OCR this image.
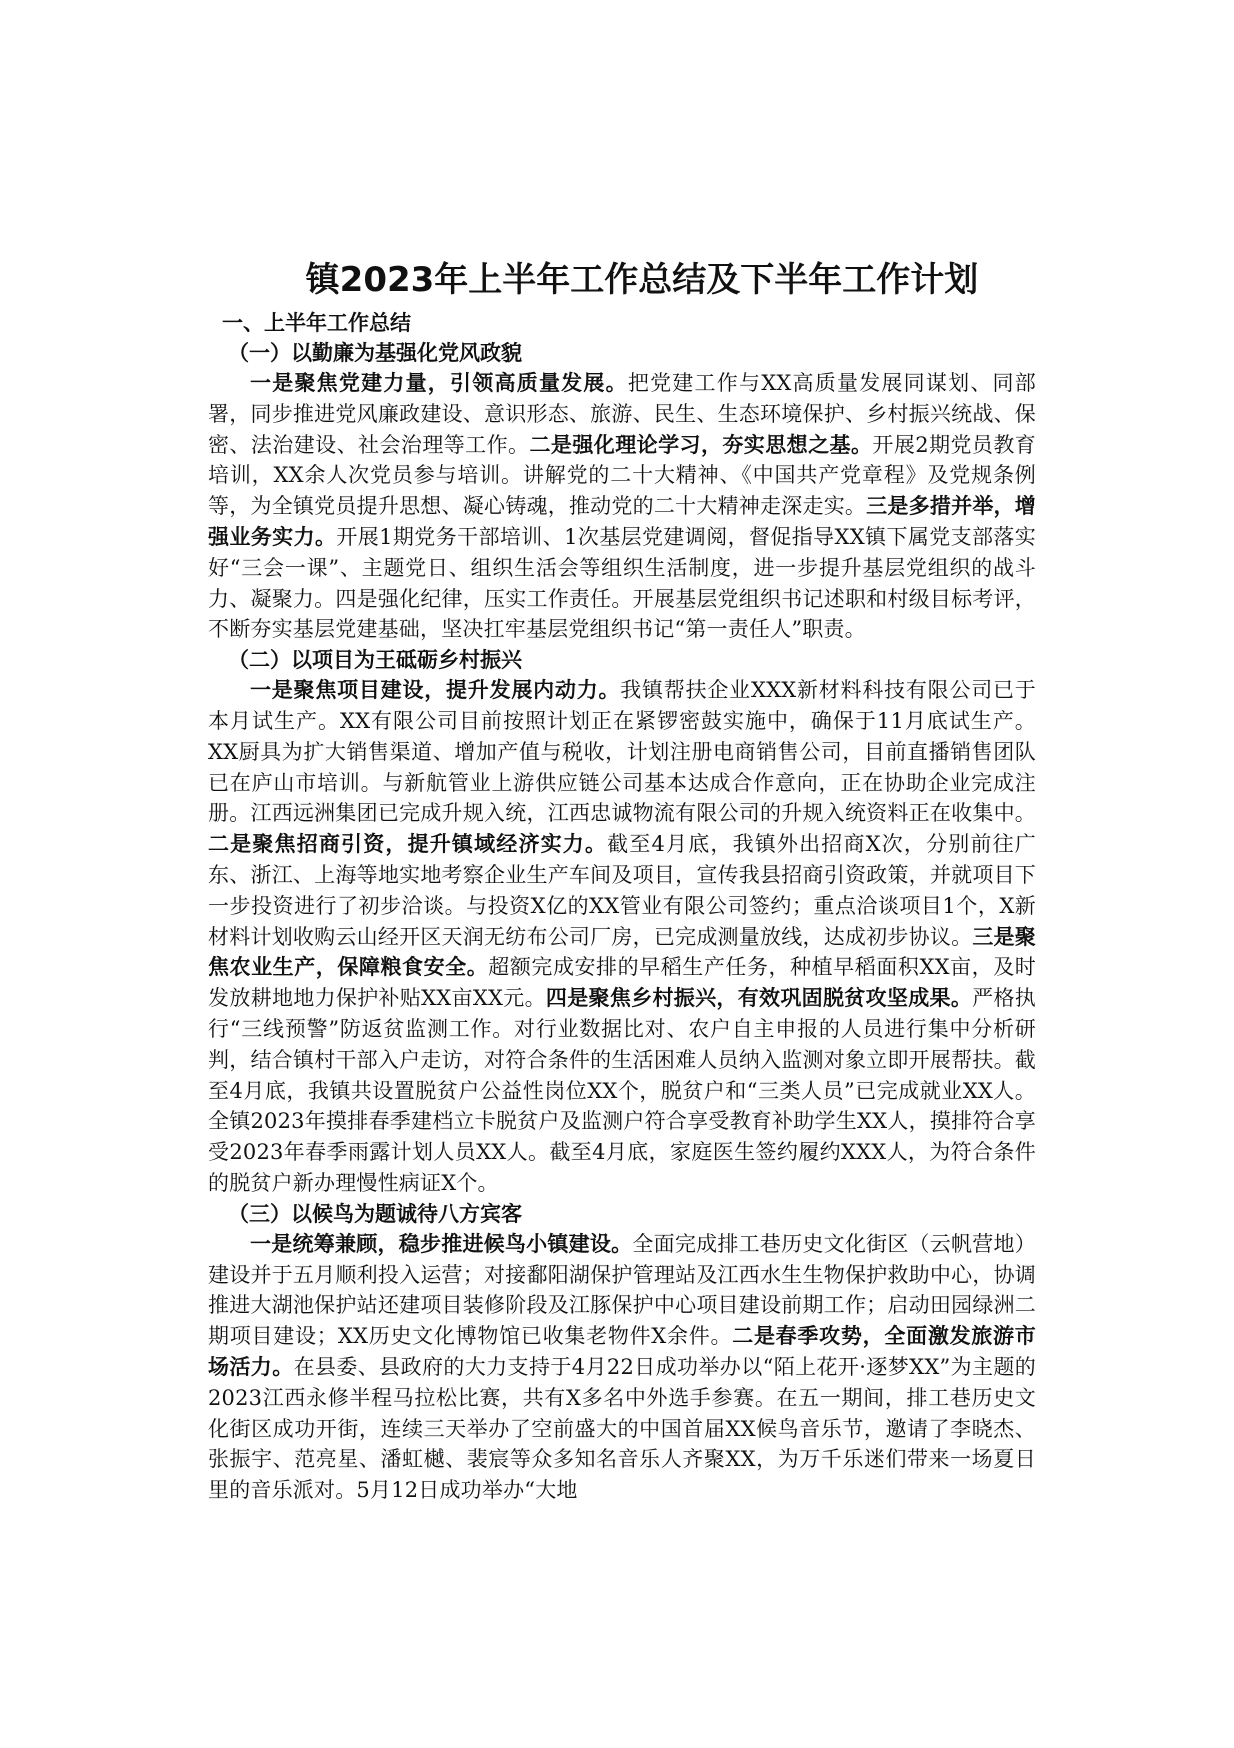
镇2023年上半年工作总结及下半年工作计划

一、上半年工作总结

（一）以勤廉为基强化党风政貌

一是聚焦党建力量，引领高质量发展。把党建工作与XX高质量发展同谋划、同部署，同步推进党风廉政建设、意识形态、旅游、民生、生态环境保护、乡村振兴统战、保密、法治建设、社会治理等工作。二是强化理论学习，夯实思想之基。开展2期党员教育培训，XX余人次党员参与培训。讲解党的二十大精神、《中国共产党章程》及党规条例等，为全镇党员提升思想、凝心铸魂，推动党的二十大精神走深走实。三是多措并举，增强业务实力。开展1期党务干部培训、1次基层党建调阅，督促指导XX镇下属党支部落实好“三会一课”、主题党日、组织生活会等组织生活制度，进一步提升基层党组织的战斗力、凝聚力。四是强化纪律，压实工作责任。开展基层党组织书记述职和村级目标考评，不断夯实基层党建基础，坚决扛牢基层党组织书记“第一责任人”职责。

（二）以项目为王砥砺乡村振兴

一是聚焦项目建设，提升发展内动力。我镇帮扶企业XXX新材料科技有限公司已于本月试生产。XX有限公司目前按照计划正在紧锣密鼓实施中，确保于11月底试生产。XX厨具为扩大销售渠道、增加产值与税收，计划注册电商销售公司，目前直播销售团队已在庐山市培训。与新航管业上游供应链公司基本达成合作意向，正在协助企业完成注册。江西远洲集团已完成升规入统，江西忠诚物流有限公司的升规入统资料正在收集中。二是聚焦招商引资，提升镇域经济实力。截至4月底，我镇外出招商X次，分别前往广东、浙江、上海等地实地考察企业生产车间及项目，宣传我县招商引资政策，并就项目下一步投资进行了初步洽谈。与投资X亿的XX管业有限公司签约；重点洽谈项目1个，X新材料计划收购云山经开区天润无纺布公司厂房，已完成测量放线，达成初步协议。三是聚焦农业生产，保障粮食安全。超额完成安排的早稻生产任务，种植早稻面积XX亩，及时发放耕地地力保护补贴XX亩XX元。四是聚焦乡村振兴，有效巩固脱贫攻坚成果。严格执行“三线预警”防返贫监测工作。对行业数据比对、农户自主申报的人员进行集中分析研判，结合镇村干部入户走访，对符合条件的生活困难人员纳入监测对象立即开展帮扶。截至4月底，我镇共设置脱贫户公益性岗位XX个，脱贫户和“三类人员”已完成就业XX人。全镇2023年摸排春季建档立卡脱贫户及监测户符合享受教育补助学生XX人，摸排符合享受2023年春季雨露计划人员XX人。截至4月底，家庭医生签约履约XXX人，为符合条件的脱贫户新办理慢性病证X个。

（三）以候鸟为题诚待八方宾客

一是统筹兼顾，稳步推进候鸟小镇建设。全面完成排工巷历史文化街区（云帆营地）建设并于五月顺利投入运营；对接鄱阳湖保护管理站及江西水生生物保护救助中心，协调推进大湖池保护站还建项目装修阶段及江豚保护中心项目建设前期工作；启动田园绿洲二期项目建设；XX历史文化博物馆已收集老物件X余件。二是春季攻势，全面激发旅游市场活力。在县委、县政府的大力支持于4月22日成功举办以“陌上花开·逐梦XX”为主题的2023江西永修半程马拉松比赛，共有X多名中外选手参赛。在五一期间，排工巷历史文化街区成功开街，连续三天举办了空前盛大的中国首届XX候鸟音乐节，邀请了李晓杰、张振宇、范亮星、潘虹樾、裴宸等众多知名音乐人齐聚XX，为万千乐迷们带来一场夏日里的音乐派对。5月12日成功举办“大地
